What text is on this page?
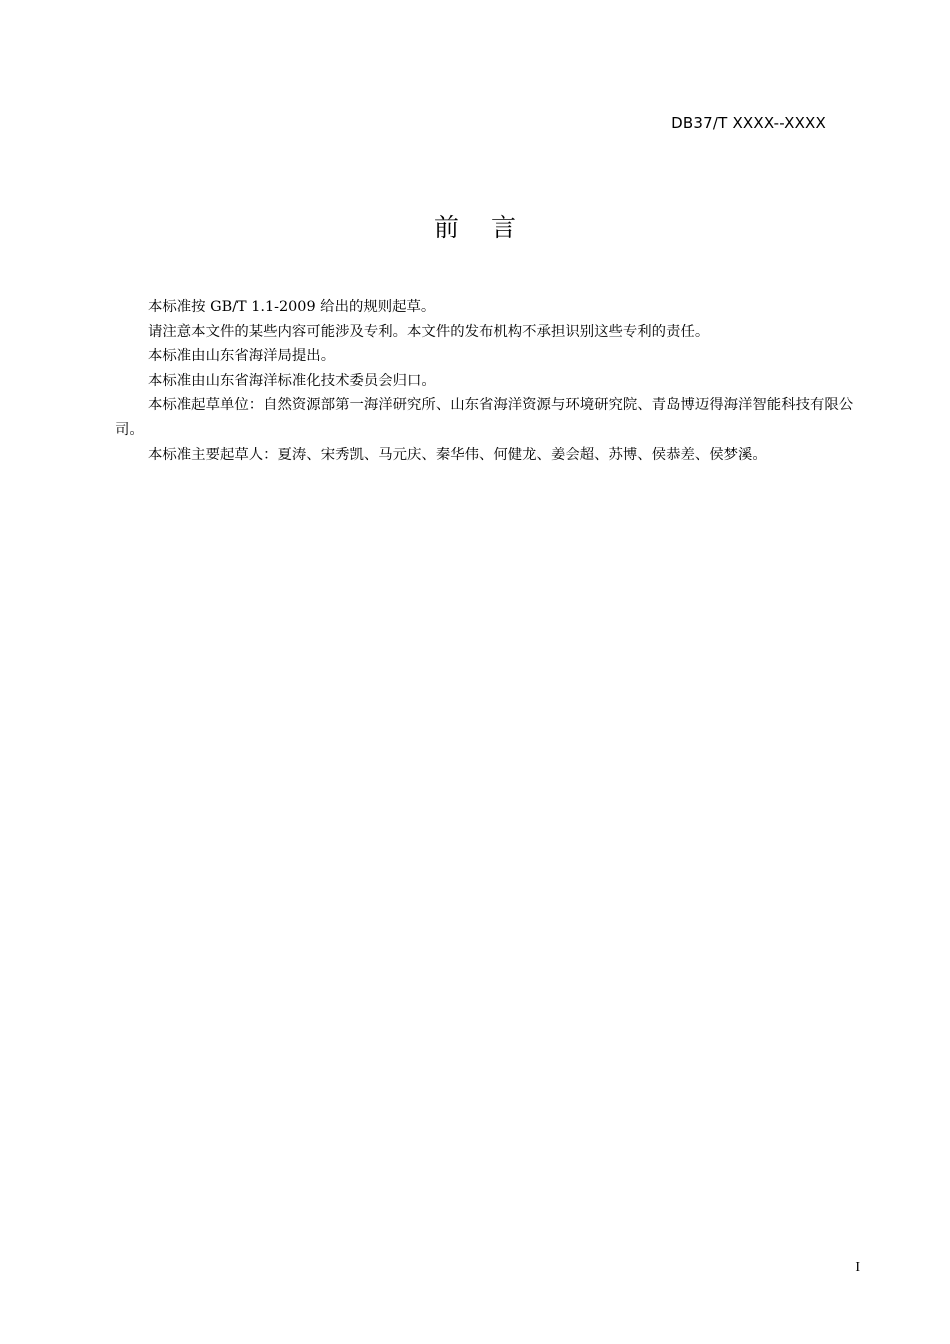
DB37/T XXXX--XXXX
前 言

本标准按 GB/T 1.1-2009 给出的规则起草。

请注意本文件的某些内容可能涉及专利。本文件的发布机构不承担识别这些专利的责任。

本标准由山东省海洋局提出。

本标准由山东省海洋标准化技术委员会归口。

本标准起草单位：自然资源部第一海洋研究所、山东省海洋资源与环境研究院、青岛博迈得海洋智能科技有限公司。

本标准主要起草人：夏涛、宋秀凯、马元庆、秦华伟、何健龙、姜会超、苏博、侯恭差、侯梦溪。

I
